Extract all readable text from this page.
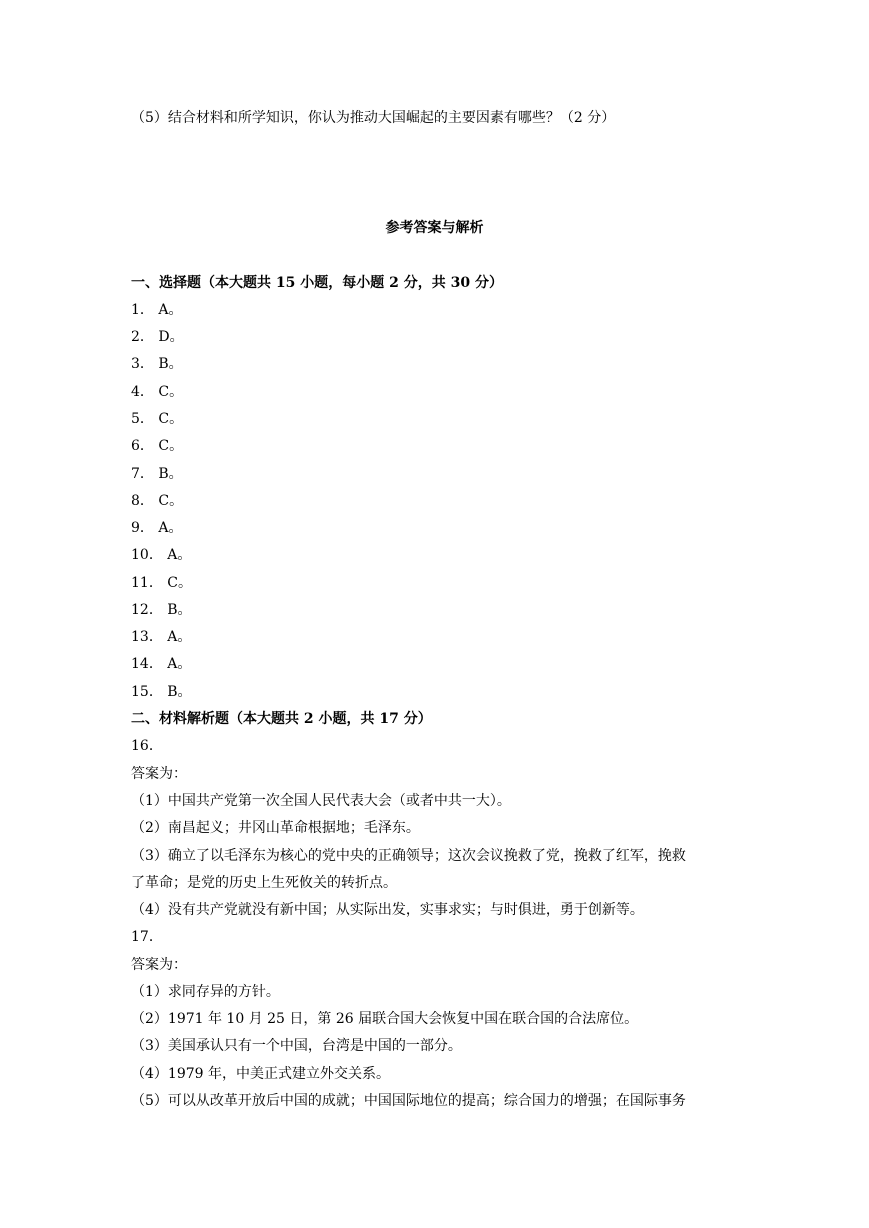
（5）结合材料和所学知识，你认为推动大国崛起的主要因素有哪些？（2 分）
参考答案与解析
一、选择题（本大题共 15 小题，每小题 2 分，共 30 分）
1． A。
2． D。
3． B。
4． C。
5． C。
6． C。
7． B。
8． C。
9． A。
10． A。
11． C。
12． B。
13． A。
14． A。
15． B。
二、材料解析题（本大题共 2 小题，共 17 分）
16．
答案为：
（1）中国共产党第一次全国人民代表大会（或者中共一大）。
（2）南昌起义；井冈山革命根据地；毛泽东。
（3）确立了以毛泽东为核心的党中央的正确领导；这次会议挽救了党，挽救了红军，挽救
了革命；是党的历史上生死攸关的转折点。
（4）没有共产党就没有新中国；从实际出发，实事求实；与时俱进，勇于创新等。
17．
答案为：
（1）求同存异的方针。
（2）1971 年 10 月 25 日，第 26 届联合国大会恢复中国在联合国的合法席位。
（3）美国承认只有一个中国，台湾是中国的一部分。
（4）1979 年，中美正式建立外交关系。
（5）可以从改革开放后中国的成就；中国国际地位的提高；综合国力的增强；在国际事务
